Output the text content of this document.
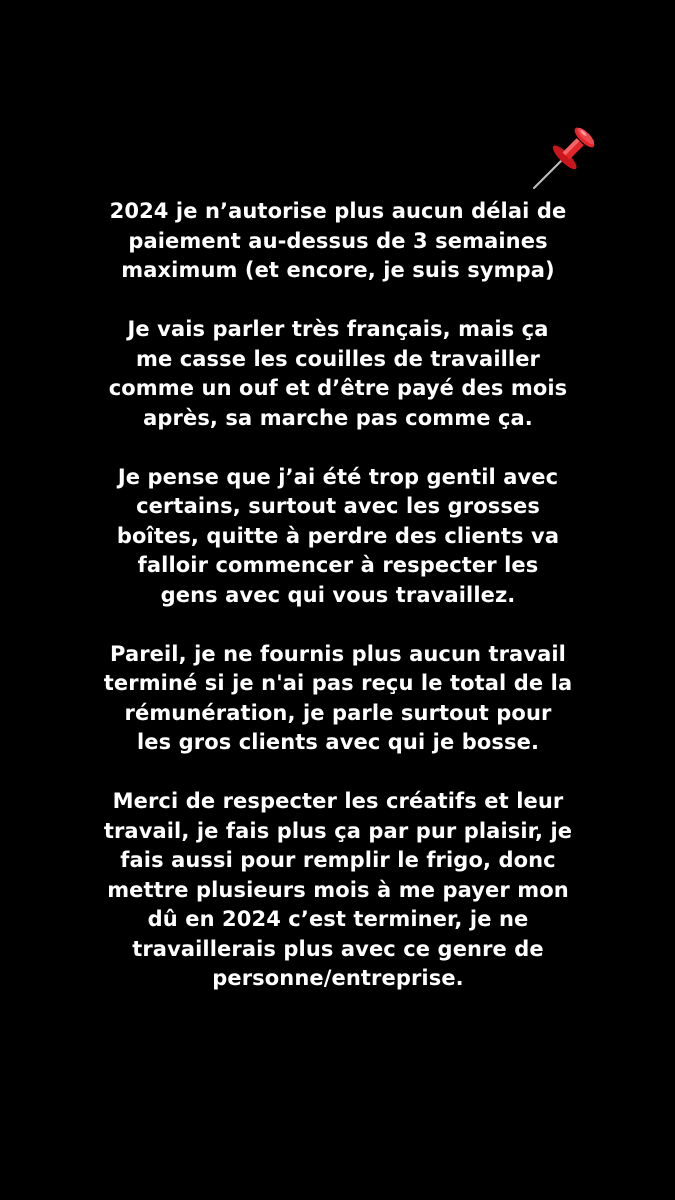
2024 je n’autorise plus aucun délai de
paiement au-dessus de 3 semaines
maximum (et encore, je suis sympa)

Je vais parler très français, mais ça
me casse les couilles de travailler
comme un ouf et d’être payé des mois
après, sa marche pas comme ça.

Je pense que j’ai été trop gentil avec
certains, surtout avec les grosses
boîtes, quitte à perdre des clients va
falloir commencer à respecter les
gens avec qui vous travaillez.

Pareil, je ne fournis plus aucun travail
terminé si je n'ai pas reçu le total de la
rémunération, je parle surtout pour
les gros clients avec qui je bosse.

Merci de respecter les créatifs et leur
travail, je fais plus ça par pur plaisir, je
fais aussi pour remplir le frigo, donc
mettre plusieurs mois à me payer mon
dû en 2024 c’est terminer, je ne
travaillerais plus avec ce genre de
personne/entreprise.
